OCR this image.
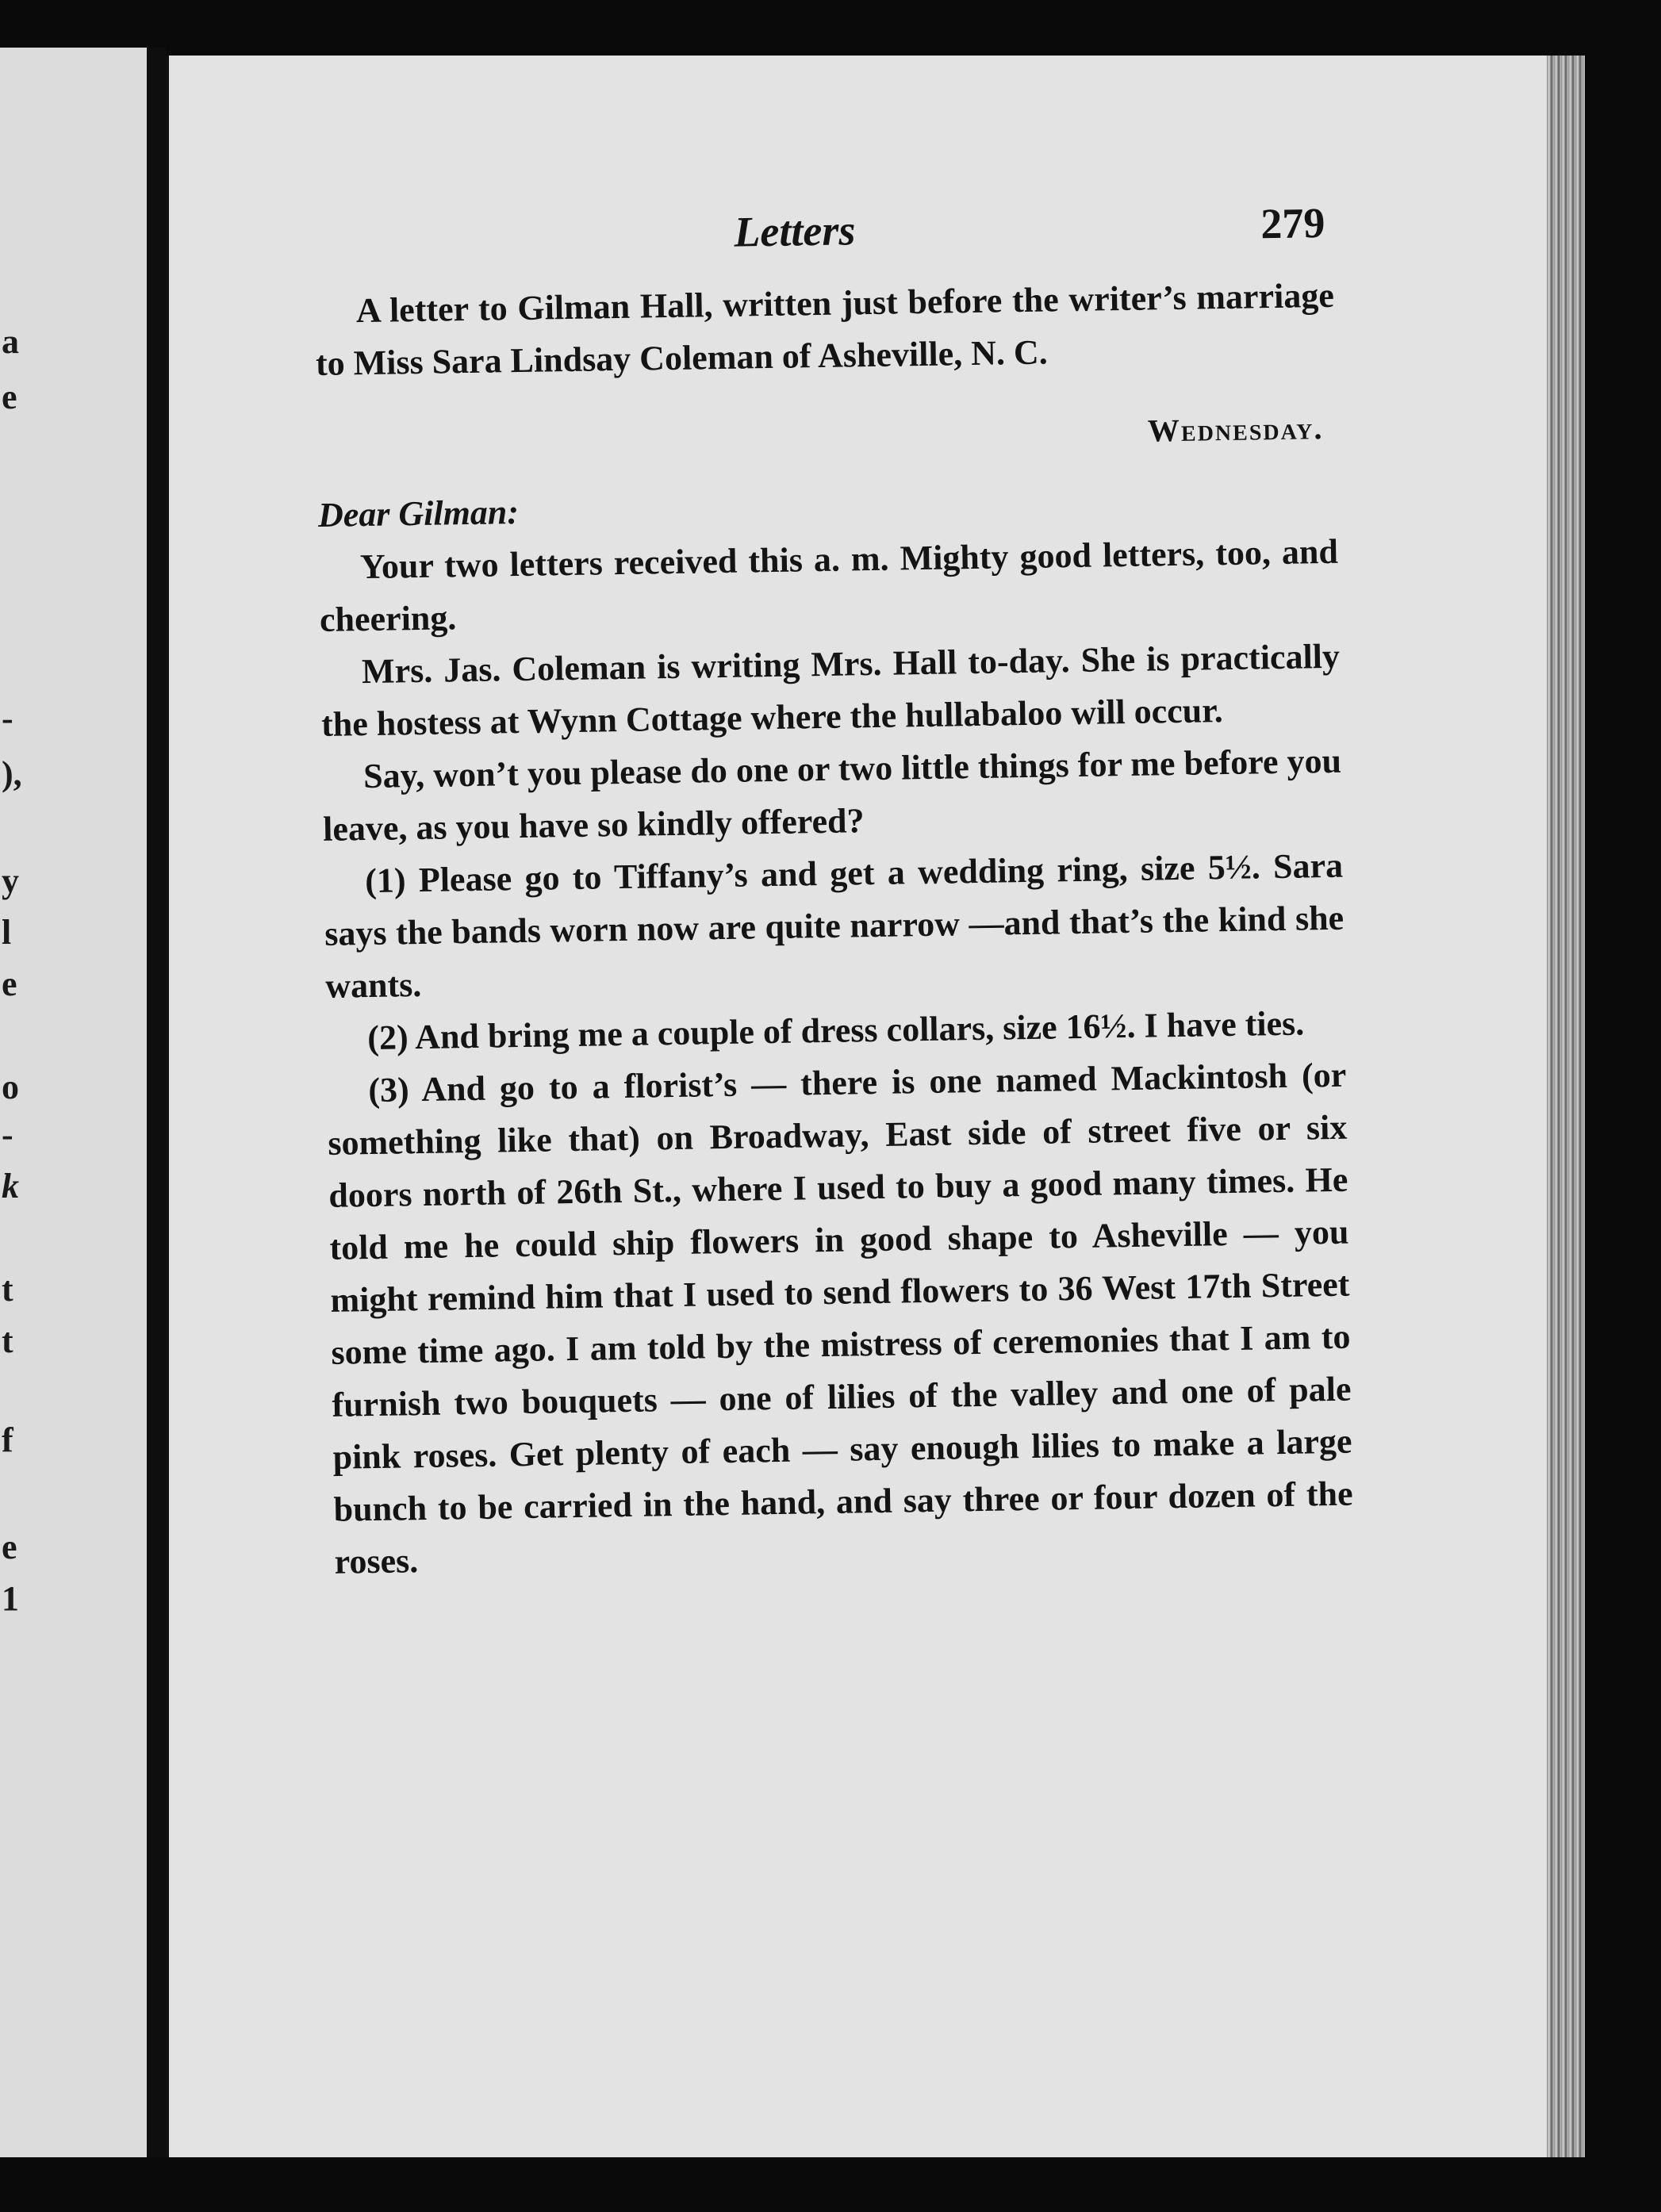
a
e
-
),
y
l
e
o
-
k
t
t
f
e
1
Letters	279

A letter to Gilman Hall, written just before the writer’s marriage to Miss Sara Lindsay Coleman of Asheville, N. C.

Wednesday.

Dear Gilman:

Your two letters received this a. m. Mighty good letters, too, and cheering.

Mrs. Jas. Coleman is writing Mrs. Hall to-day. She is practically the hostess at Wynn Cottage where the hullabaloo will occur.

Say, won’t you please do one or two little things for me before you leave, as you have so kindly offered?

(1) Please go to Tiffany’s and get a wedding ring, size 5½. Sara says the bands worn now are quite narrow —and that’s the kind she wants.

(2) And bring me a couple of dress collars, size 16½. I have ties.

(3) And go to a florist’s — there is one named Mackintosh (or something like that) on Broadway, East side of street five or six doors north of 26th St., where I used to buy a good many times. He told me he could ship flowers in good shape to Asheville — you might remind him that I used to send flowers to 36 West 17th Street some time ago. I am told by the mistress of ceremonies that I am to furnish two bouquets — one of lilies of the valley and one of pale pink roses. Get plenty of each — say enough lilies to make a large bunch to be carried in the hand, and say three or four dozen of the roses.
